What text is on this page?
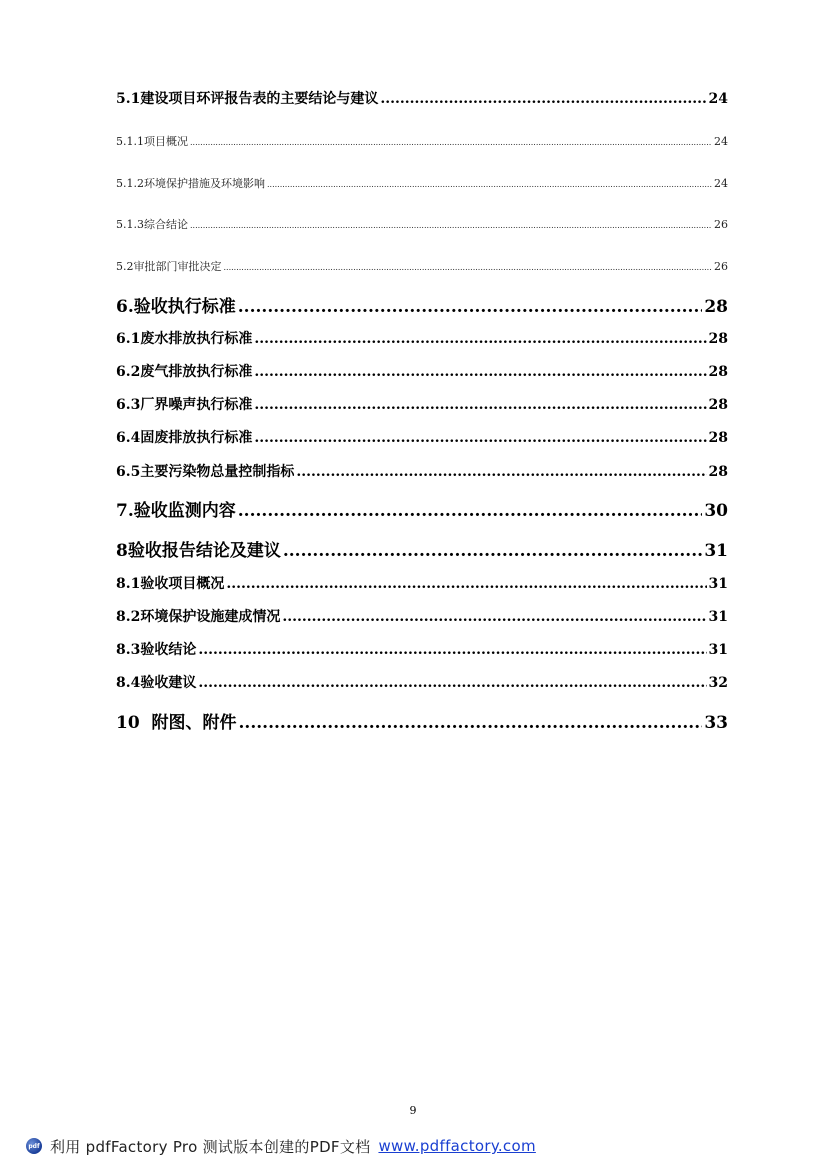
5.1建设项目环评报告表的主要结论与建议 .....	24
5.1.1项目概况 .....	24
5.1.2环境保护措施及环境影响 .....	24
5.1.3综合结论 .....	26
5.2审批部门审批决定 .....	26
6.验收执行标准 .....	28
6.1废水排放执行标准 .....	28
6.2废气排放执行标准 .....	28
6.3厂界噪声执行标准 .....	28
6.4固废排放执行标准 .....	28
6.5主要污染物总量控制指标 .....	28
7.验收监测内容 .....	30
8验收报告结论及建议 .....	31
8.1验收项目概况 .....	31
8.2环境保护设施建成情况 .....	31
8.3验收结论 .....	31
8.4验收建议 .....	32
10  附图、附件 .....	33
9
pdf 利用 pdfFactory Pro 测试版本创建的PDF文档 www.pdffactory.com
